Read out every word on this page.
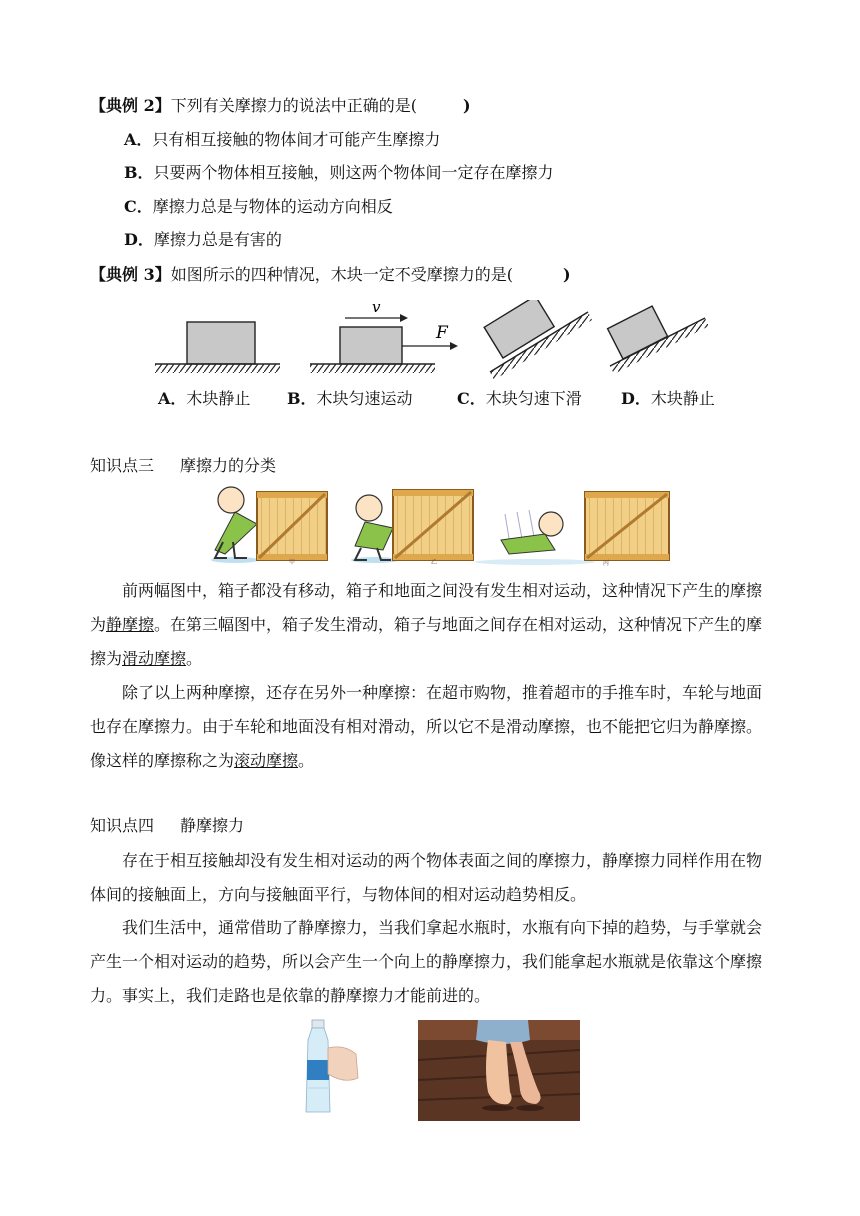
【典例 2】下列有关摩擦力的说法中正确的是(	)
A．只有相互接触的物体间才可能产生摩擦力
B．只要两个物体相互接触，则这两个物体间一定存在摩擦力
C．摩擦力总是与物体的运动方向相反
D．摩擦力总是有害的
【典例 3】如图所示的四种情况，木块一定不受摩擦力的是(	)
v
F
A．木块静止 B．木块匀速运动	C．木块匀速下滑 D．木块静止
知识点三 摩擦力的分类
甲	乙	丙
前两幅图中，箱子都没有移动，箱子和地面之间没有发生相对运动，这种情况下产生的摩擦为静摩擦。在第三幅图中，箱子发生滑动，箱子与地面之间存在相对运动，这种情况下产生的摩擦为滑动摩擦。
除了以上两种摩擦，还存在另外一种摩擦：在超市购物，推着超市的手推车时，车轮与地面也存在摩擦力。由于车轮和地面没有相对滑动，所以它不是滑动摩擦，也不能把它归为静摩擦。像这样的摩擦称之为滚动摩擦。
知识点四 静摩擦力
存在于相互接触却没有发生相对运动的两个物体表面之间的摩擦力，静摩擦力同样作用在物体间的接触面上，方向与接触面平行，与物体间的相对运动趋势相反。
我们生活中，通常借助了静摩擦力，当我们拿起水瓶时，水瓶有向下掉的趋势，与手掌就会产生一个相对运动的趋势，所以会产生一个向上的静摩擦力，我们能拿起水瓶就是依靠这个摩擦力。事实上，我们走路也是依靠的静摩擦力才能前进的。
